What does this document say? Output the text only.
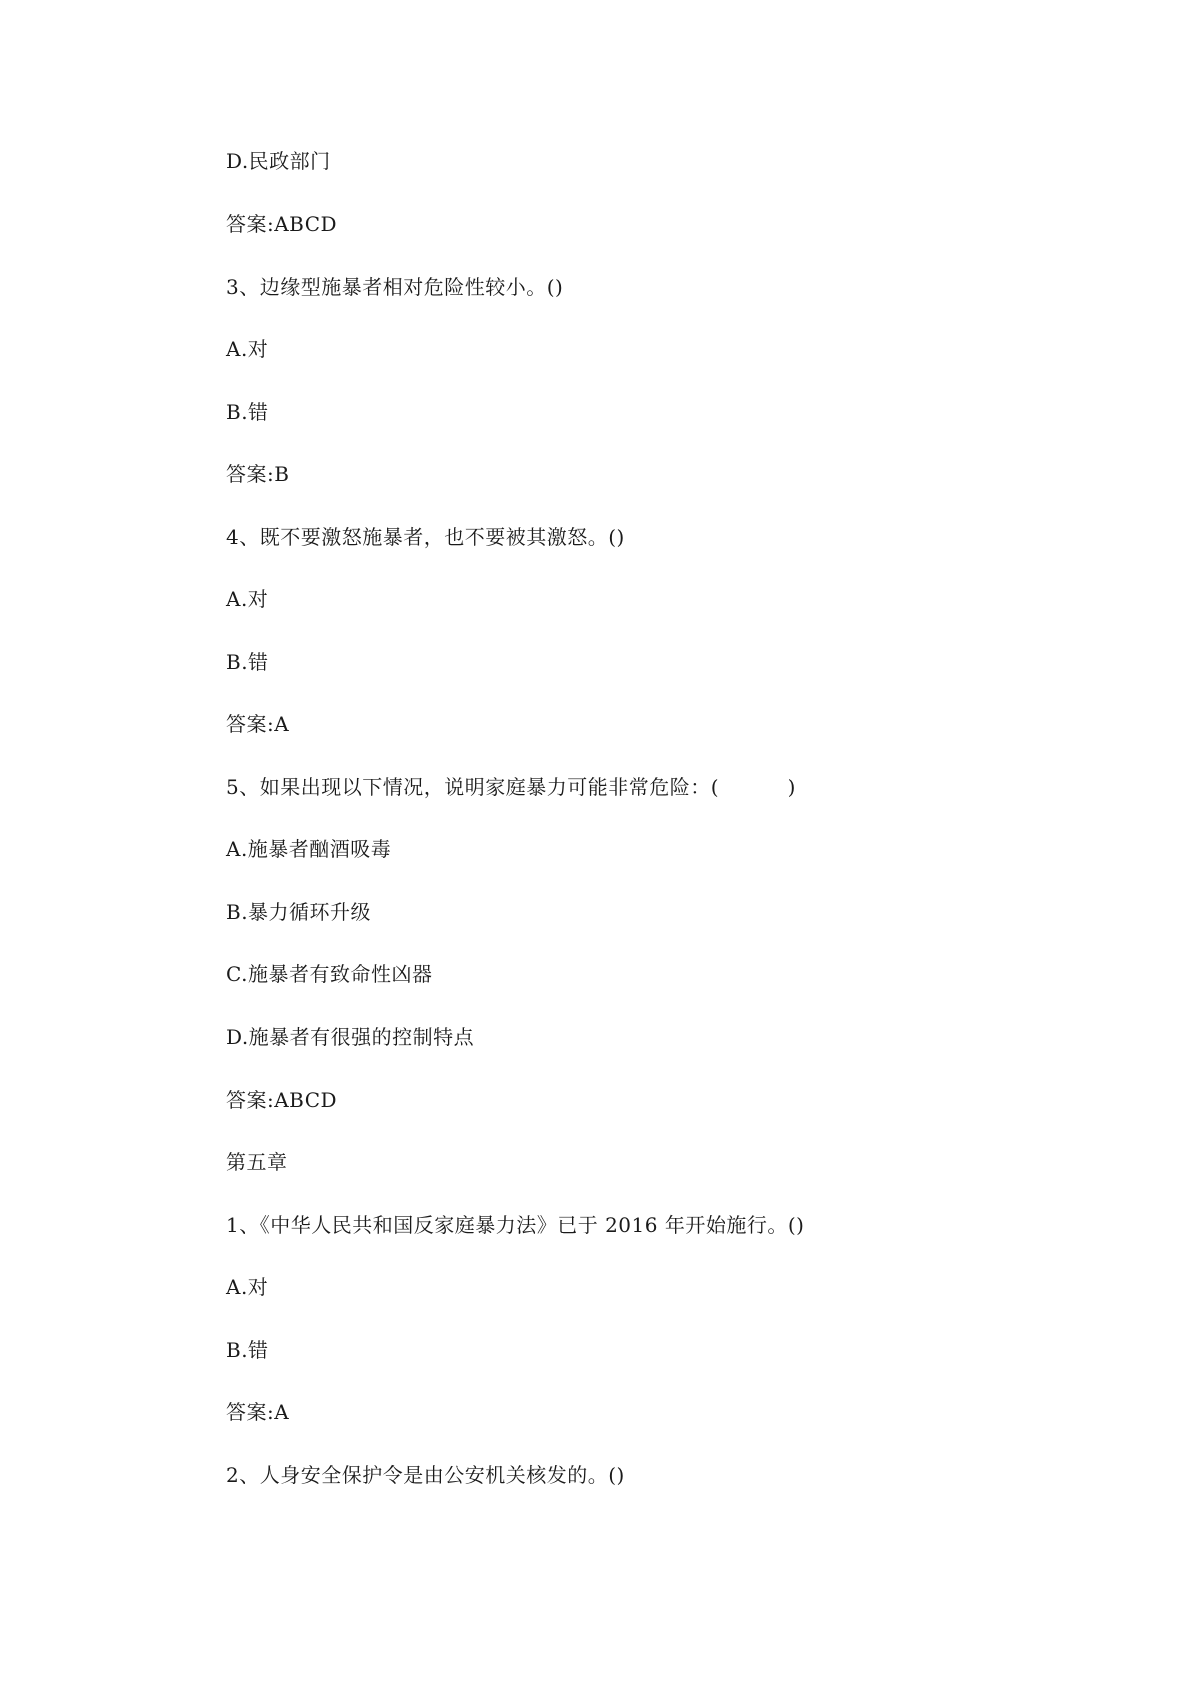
D.民政部门
答案:ABCD
3、边缘型施暴者相对危险性较小。()
A.对
B.错
答案:B
4、既不要激怒施暴者，也不要被其激怒。()
A.对
B.错
答案:A
5、如果出现以下情况，说明家庭暴力可能非常危险：(          )
A.施暴者酗酒吸毒
B.暴力循环升级
C.施暴者有致命性凶器
D.施暴者有很强的控制特点
答案:ABCD
第五章
1、《中华人民共和国反家庭暴力法》已于 2016 年开始施行。()
A.对
B.错
答案:A
2、人身安全保护令是由公安机关核发的。()
